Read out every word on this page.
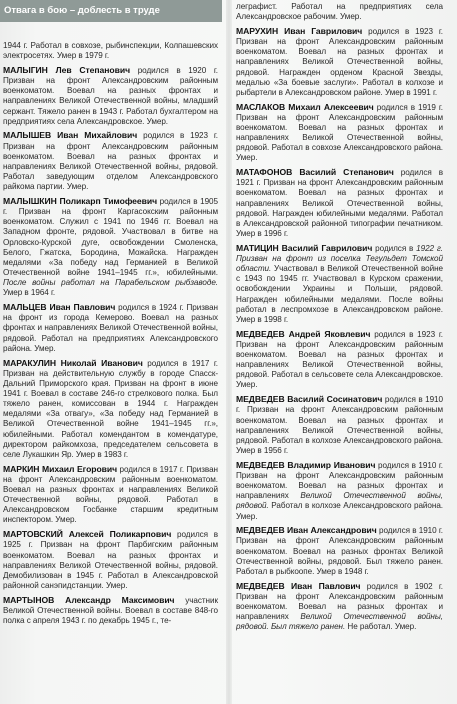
Отвага в бою – доблесть в труде

1944 г. Работал в совхозе, рыбинспекции, Колпашевских электросетях. Умер в 1979 г.

МАЛЫГИН Лев Степанович родился в 1920 г. Призван на фронт Александровским районным военкоматом. Воевал на разных фронтах и направлениях Великой Отечественной войны, младший сержант. Тяжело ранен в 1943 г. Работал бухгалтером на предприятиях села Александровское. Умер.

МАЛЫШЕВ Иван Михайлович родился в 1923 г. Призван на фронт Александровским районным военкоматом. Воевал на разных фронтах и направлениях Великой Отечественной войны, рядовой. Работал заведующим отделом Александровского райкома партии. Умер.

МАЛЫШКИН Поликарп Тимофеевич родился в 1905 г. Призван на фронт Каргасокским районным военкоматом. Служил с 1941 по 1946 гг. Воевал на Западном фронте, рядовой. Участвовал в битве на Орловско-Курской дуге, освобождении Смоленска, Белого, Гжатска, Бородина, Можайска. Награжден медалями «За победу над Германией в Великой Отечественной войне 1941–1945 гг.», юбилейными. После войны работал на Парабельском рыбзаводе. Умер в 1964 г.

МАЛЬЦЕВ Иван Павлович родился в 1924 г. Призван на фронт из города Кемерово. Воевал на разных фронтах и направлениях Великой Отечественной войны, рядовой. Работал на предприятиях Александровского района. Умер.

МАРАКУЛИН Николай Иванович родился в 1917 г. Призван на действительную службу в городе Спасск-Дальний Приморского края. Призван на фронт в июне 1941 г. Воевал в составе 246-го стрелкового полка. Был тяжело ранен, комиссован в 1944 г. Награжден медалями «За отвагу», «За победу над Германией в Великой Отечественной войне 1941–1945 гг.», юбилейными. Работал комендантом в комендатуре, директором райкомхоза, председателем сельсовета в селе Лукашкин Яр. Умер в 1983 г.

МАРКИН Михаил Егорович родился в 1917 г. Призван на фронт Александровским районным военкоматом. Воевал на разных фронтах и направлениях Великой Отечественной войны, рядовой. Работал в Александровском Госбанке старшим кредитным инспектором. Умер.

МАРТОВСКИЙ Алексей Поликарпович родился в 1925 г. Призван на фронт Парбигским районным военкоматом. Воевал на разных фронтах и направлениях Великой Отечественной войны, рядовой. Демобилизован в 1945 г. Работал в Александровской районной санэпидстанции. Умер.

МАРТЫНОВ Александр Максимович участник Великой Отечественной войны. Воевал в составе 848-го полка с апреля 1943 г. по декабрь 1945 г., те-

леграфист. Работал на предприятиях села Александровское рабочим. Умер.

МАРУХИН Иван Гаврилович родился в 1923 г. Призван на фронт Александровским районным военкоматом. Воевал на разных фронтах и направлениях Великой Отечественной войны, рядовой. Награжден орденом Красной Звезды, медалью «За боевые заслуги». Работал в колхозе и рыбартели в Александровском районе. Умер в 1991 г.

МАСЛАКОВ Михаил Алексеевич родился в 1919 г. Призван на фронт Александровским районным военкоматом. Воевал на разных фронтах и направлениях Великой Отечественной войны, рядовой. Работал в совхозе Александровского района. Умер.

МАТАФОНОВ Василий Степанович родился в 1921 г. Призван на фронт Александровским районным военкоматом. Воевал на разных фронтах и направлениях Великой Отечественной войны, рядовой. Награжден юбилейными медалями. Работал в Александровской районной типографии печатником. Умер в 1996 г.

МАТИЦИН Василий Гаврилович родился в 1922 г. Призван на фронт из поселка Тегульдет Томской области. Участвовал в Великой Отечественной войне с 1943 по 1945 гг. Участвовал в Курском сражении, освобождении Украины и Польши, рядовой. Награжден юбилейными медалями. После войны работал в леспромхозе в Александровском районе. Умер в 1998 г.

МЕДВЕДЕВ Андрей Яковлевич родился в 1923 г. Призван на фронт Александровским районным военкоматом. Воевал на разных фронтах и направлениях Великой Отечественной войны, рядовой. Работал в сельсовете села Александровское. Умер.

МЕДВЕДЕВ Василий Сосинатович родился в 1910 г. Призван на фронт Александровским районным военкоматом. Воевал на разных фронтах и направлениях Великой Отечественной войны, рядовой. Работал в колхозе Александровского района. Умер в 1956 г.

МЕДВЕДЕВ Владимир Иванович родился в 1910 г. Призван на фронт Александровским районным военкоматом. Воевал на разных фронтах и направлениях Великой Отечественной войны, рядовой. Работал в колхозе Александровского района. Умер.

МЕДВЕДЕВ Иван Александрович родился в 1910 г. Призван на фронт Александровским районным военкоматом. Воевал на разных фронтах Великой Отечественной войны, рядовой. Был тяжело ранен. Работал в рыбкоопе. Умер в 1948 г.

МЕДВЕДЕВ Иван Павлович родился в 1902 г. Призван на фронт Александровским районным военкоматом. Воевал на разных фронтах и направлениях Великой Отечественной войны, рядовой. Был тяжело ранен. Не работал. Умер.
